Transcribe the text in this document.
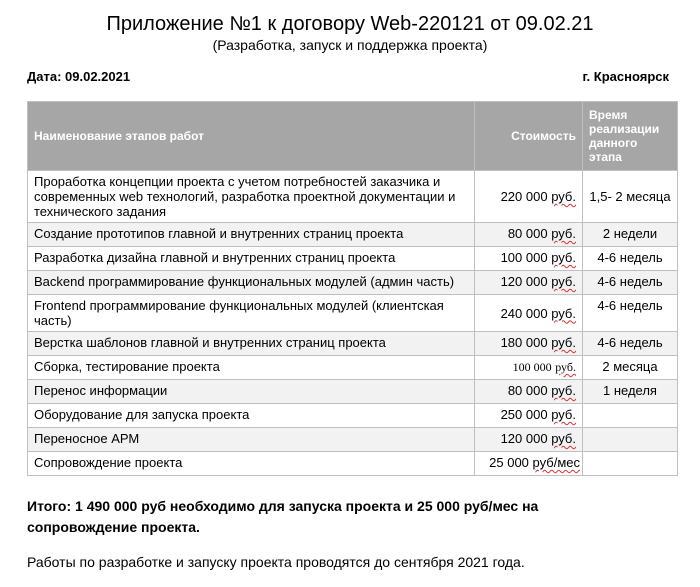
Приложение №1 к договору Web-220121 от 09.02.21
(Разработка, запуск и поддержка проекта)
Дата: 09.02.2021	г. Красноярск
Наименование этапов работ	Стоимость	Время реализации данного этапа
Проработка концепции проекта с учетом потребностей заказчика и современных web технологий, разработка проектной документации и технического задания	220 000 руб.	1,5- 2 месяца
Создание прототипов главной и внутренних страниц проекта	80 000 руб.	2 недели
Разработка дизайна главной и внутренних страниц проекта	100 000 руб.	4-6 недель
Backend программирование функциональных модулей (админ часть)	120 000 руб.	4-6 недель
Frontend программирование функциональных модулей (клиентская часть)	240 000 руб.	4-6 недель
Верстка шаблонов главной и внутренних страниц проекта	180 000 руб.	4-6 недель
Сборка, тестирование проекта	100 000 руб.	2 месяца
Перенос информации	80 000 руб.	1 неделя
Оборудование для запуска проекта	250 000 руб.	
Переносное АРМ	120 000 руб.	
Сопровождение проекта	25 000 руб/мес	
Итого: 1 490 000 руб необходимо для запуска проекта и 25 000 руб/мес на сопровождение проекта.
Работы по разработке и запуску проекта проводятся до сентября 2021 года.
